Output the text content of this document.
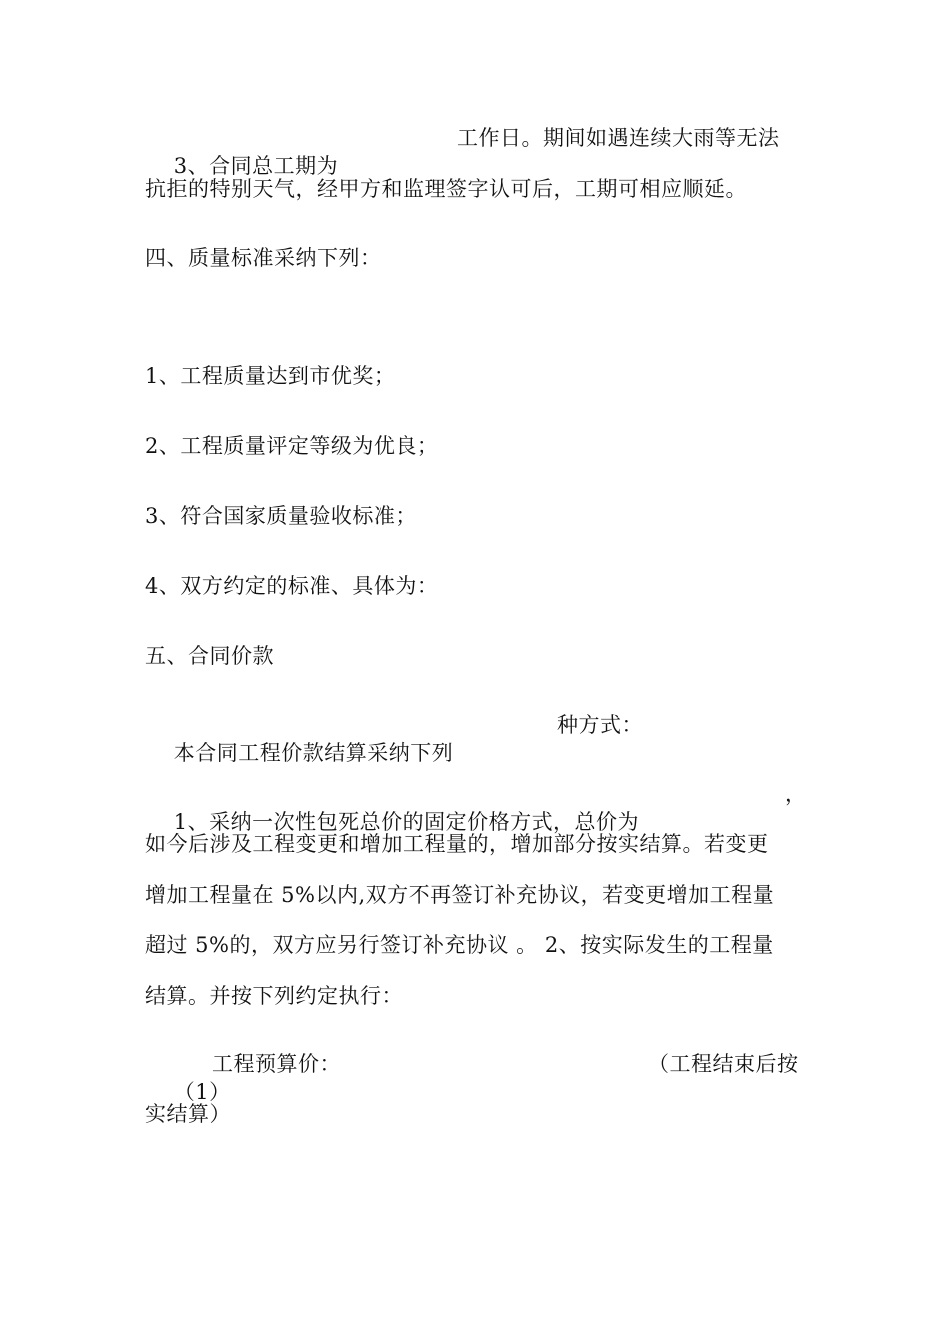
3、合同总工期为

工作日。期间如遇连续大雨等无法

抗拒的特别天气，经甲方和监理签字认可后，工期可相应顺延。
四、质量标准采纳下列：
1、工程质量达到市优奖；
2、工程质量评定等级为优良；
3、符合国家质量验收标准；
4、双方约定的标准、具体为：
五、合同价款

本合同工程价款结算采纳下列

种方式：

1、采纳一次性包死总价的固定价格方式，总价为

，

如今后涉及工程变更和增加工程量的，增加部分按实结算。若变更
增加工程量在 5%以内,双方不再签订补充协议，若变更增加工程量
超过 5%的，双方应另行签订补充协议 。 2、按实际发生的工程量
结算。并按下列约定执行：

（1）

工程预算价：

	（工程结束后按

实结算）
